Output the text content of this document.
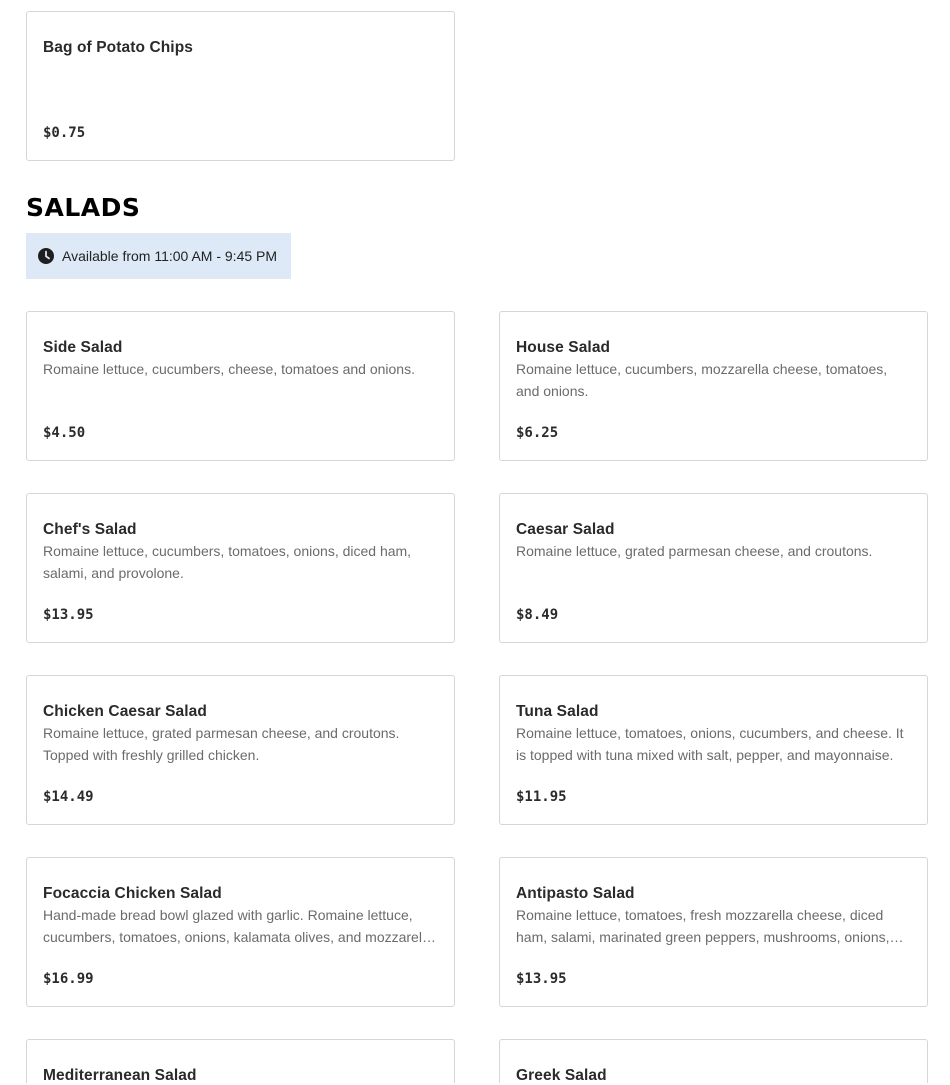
Bag of Potato Chips
$0.75
SALADS
Available from 11:00 AM - 9:45 PM
Side Salad
Romaine lettuce, cucumbers, cheese, tomatoes and onions.
$4.50
House Salad
Romaine lettuce, cucumbers, mozzarella cheese, tomatoes, and onions.
$6.25
Chef's Salad
Romaine lettuce, cucumbers, tomatoes, onions, diced ham, salami, and provolone.
$13.95
Caesar Salad
Romaine lettuce, grated parmesan cheese, and croutons.
$8.49
Chicken Caesar Salad
Romaine lettuce, grated parmesan cheese, and croutons. Topped with freshly grilled chicken.
$14.49
Tuna Salad
Romaine lettuce, tomatoes, onions, cucumbers, and cheese. It is topped with tuna mixed with salt, pepper, and mayonnaise.
$11.95
Focaccia Chicken Salad
Hand-made bread bowl glazed with garlic. Romaine lettuce, cucumbers, tomatoes, onions, kalamata olives, and mozzarel…
$16.99
Antipasto Salad
Romaine lettuce, tomatoes, fresh mozzarella cheese, diced ham, salami, marinated green peppers, mushrooms, onions,…
$13.95
Mediterranean Salad	Greek Salad
